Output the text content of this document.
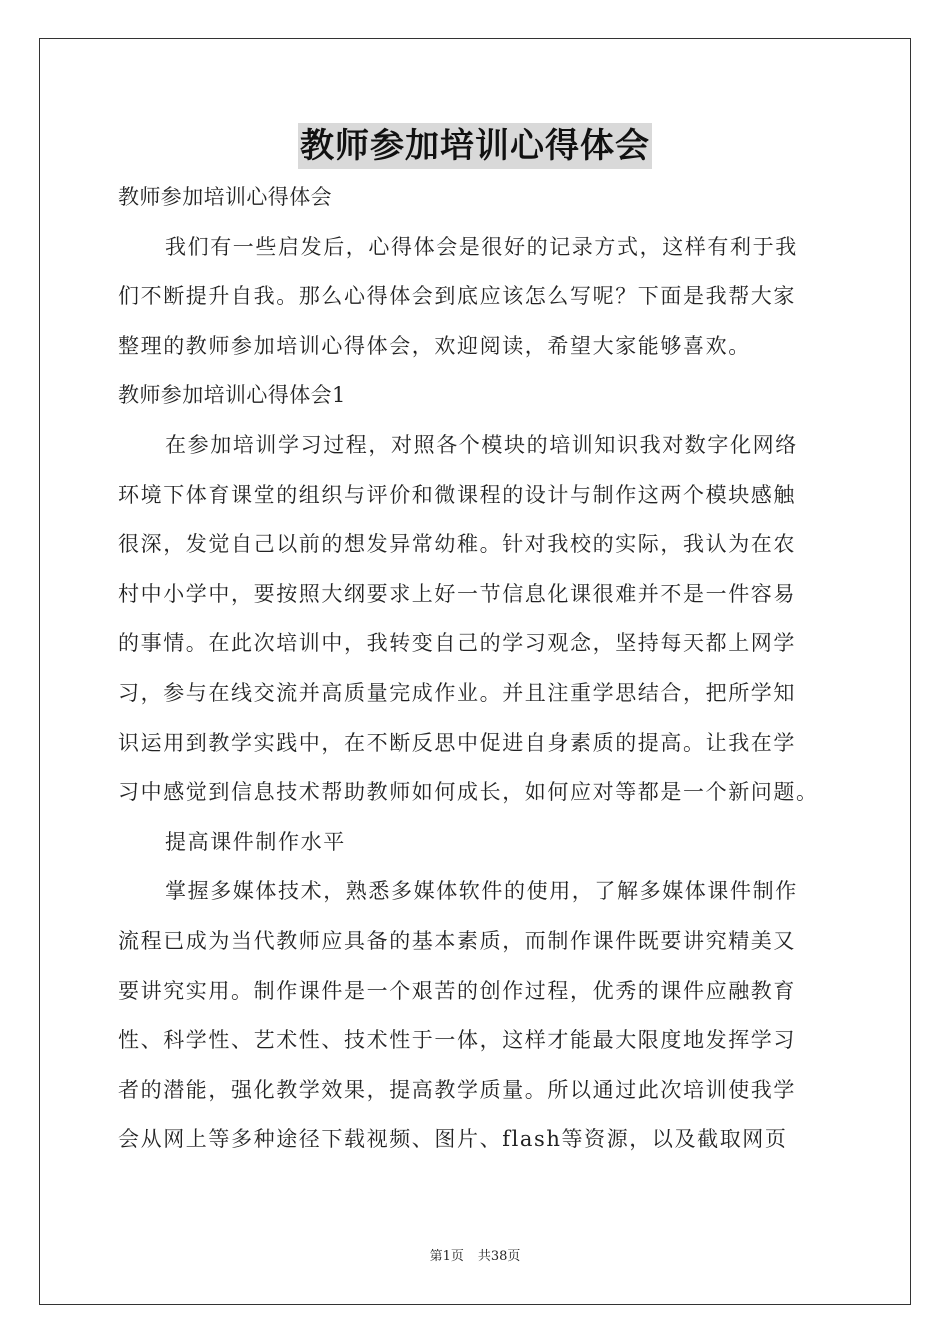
教师参加培训心得体会
教师参加培训心得体会
我们有一些启发后，心得体会是很好的记录方式，这样有利于我
们不断提升自我。那么心得体会到底应该怎么写呢？下面是我帮大家
整理的教师参加培训心得体会，欢迎阅读，希望大家能够喜欢。
教师参加培训心得体会1
在参加培训学习过程，对照各个模块的培训知识我对数字化网络
环境下体育课堂的组织与评价和微课程的设计与制作这两个模块感触
很深，发觉自己以前的想发异常幼稚。针对我校的实际，我认为在农
村中小学中，要按照大纲要求上好一节信息化课很难并不是一件容易
的事情。在此次培训中，我转变自己的学习观念，坚持每天都上网学
习，参与在线交流并高质量完成作业。并且注重学思结合，把所学知
识运用到教学实践中，在不断反思中促进自身素质的提高。让我在学
习中感觉到信息技术帮助教师如何成长，如何应对等都是一个新问题。
提高课件制作水平
掌握多媒体技术，熟悉多媒体软件的使用，了解多媒体课件制作
流程已成为当代教师应具备的基本素质，而制作课件既要讲究精美又
要讲究实用。制作课件是一个艰苦的创作过程，优秀的课件应融教育
性、科学性、艺术性、技术性于一体，这样才能最大限度地发挥学习
者的潜能，强化教学效果，提高教学质量。所以通过此次培训使我学
会从网上等多种途径下载视频、图片、flash等资源，以及截取网页
第1页 共38页
